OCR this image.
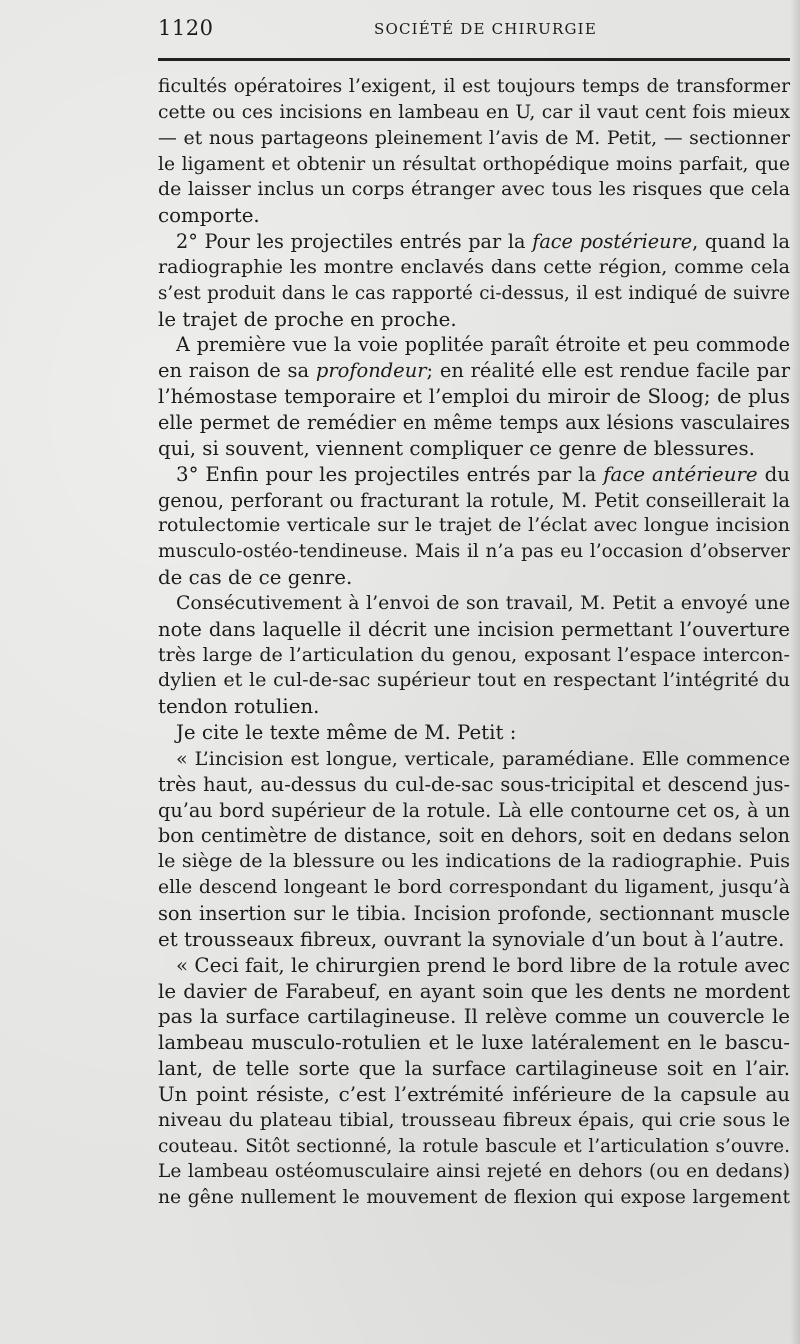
1120	SOCIÉTÉ DE CHIRURGIE
ficultés opératoires l’exigent, il est toujours temps de transformer
cette ou ces incisions en lambeau en U, car il vaut cent fois mieux
— et nous partageons pleinement l’avis de M. Petit, — sectionner
le ligament et obtenir un résultat orthopédique moins parfait, que
de laisser inclus un corps étranger avec tous les risques que cela
comporte.
2° Pour les projectiles entrés par la face postérieure, quand la
radiographie les montre enclavés dans cette région, comme cela
s’est produit dans le cas rapporté ci-dessus, il est indiqué de suivre
le trajet de proche en proche.
A première vue la voie poplitée paraît étroite et peu commode
en raison de sa profondeur; en réalité elle est rendue facile par
l’hémostase temporaire et l’emploi du miroir de Sloog; de plus
elle permet de remédier en même temps aux lésions vasculaires
qui, si souvent, viennent compliquer ce genre de blessures.
3° Enfin pour les projectiles entrés par la face antérieure du
genou, perforant ou fracturant la rotule, M. Petit conseillerait la
rotulectomie verticale sur le trajet de l’éclat avec longue incision
musculo-ostéo-tendineuse. Mais il n’a pas eu l’occasion d’observer
de cas de ce genre.
Consécutivement à l’envoi de son travail, M. Petit a envoyé une
note dans laquelle il décrit une incision permettant l’ouverture
très large de l’articulation du genou, exposant l’espace intercon-
dylien et le cul-de-sac supérieur tout en respectant l’intégrité du
tendon rotulien.
Je cite le texte même de M. Petit :
« L’incision est longue, verticale, paramédiane. Elle commence
très haut, au-dessus du cul-de-sac sous-tricipital et descend jus-
qu’au bord supérieur de la rotule. Là elle contourne cet os, à un
bon centimètre de distance, soit en dehors, soit en dedans selon
le siège de la blessure ou les indications de la radiographie. Puis
elle descend longeant le bord correspondant du ligament, jusqu’à
son insertion sur le tibia. Incision profonde, sectionnant muscle
et trousseaux fibreux, ouvrant la synoviale d’un bout à l’autre.
« Ceci fait, le chirurgien prend le bord libre de la rotule avec
le davier de Farabeuf, en ayant soin que les dents ne mordent
pas la surface cartilagineuse. Il relève comme un couvercle le
lambeau musculo-rotulien et le luxe latéralement en le bascu-
lant, de telle sorte que la surface cartilagineuse soit en l’air.
Un point résiste, c’est l’extrémité inférieure de la capsule au
niveau du plateau tibial, trousseau fibreux épais, qui crie sous le
couteau. Sitôt sectionné, la rotule bascule et l’articulation s’ouvre.
Le lambeau ostéomusculaire ainsi rejeté en dehors (ou en dedans)
ne gêne nullement le mouvement de flexion qui expose largement
